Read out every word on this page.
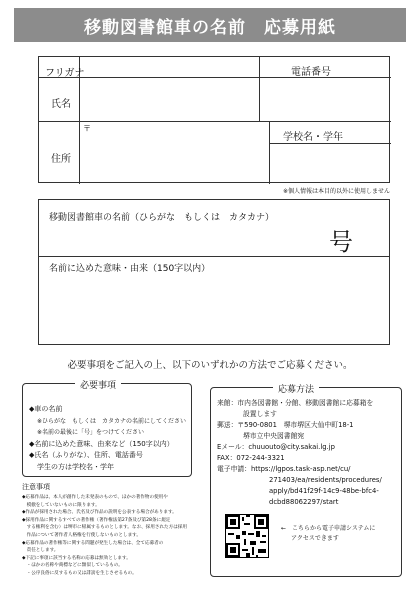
移動図書館車の名前　応募用紙
フリガナ
氏名
電話番号
〒
住所
学校名・学年
※個人情報は本目的以外に使用しません
移動図書館車の名前（ひらがな　もしくは　カタカナ）
号
名前に込めた意味・由来（150字以内）
必要事項をご記入の上、以下のいずれかの方法でご応募ください。
必要事項
◆車の名前
※ひらがな　もしくは　カタカナの名前にしてください
※名前の最後に「号」をつけてください
◆名前に込めた意味、由来など（150字以内）
◆氏名（ふりがな）、住所、電話番号
学生の方は学校名・学年
応募方法
来館：市内各図書館・分館、移動図書館に応募箱を
設置します
郵送：〒590-0801　堺市堺区大仙中町18-1
堺市立中央図書館宛
Eメール：chuuouto@city.sakai.lg.jp
FAX：072-244-3321
電子申請：https://lgpos.task-asp.net/cu/
271403/ea/residents/procedures/
apply/bd41f29f-14c9-48be-bfc4-
dcbd88062297/start
←　こちらから電子申請システムに
アクセスできます
注意事項
◆応募作品は、本人が創作した未発表のもので、ほかの著作物の使用や
　模倣をしていないものに限ります。
◆作品が採用された場合、氏名及び作品の説明を公表する場合があります。
◆採用作品に関するすべての著作権（著作権法第27条及び第28条に規定
　する権利を含む）は堺市に帰属するものとします。なお、採用された方は採用
　作品について著作者人格権を行使しないものとします。
◆応募作品の著作権等に関する問題が発生した場合は、全て応募者の
　責任とします。
◆下記に事項に該当する名称の応募は無効とします。
　・ほかの名称や商標などに類似しているもの。
　・公序良俗に反するもの又は誹謗を生じさせるもの。
